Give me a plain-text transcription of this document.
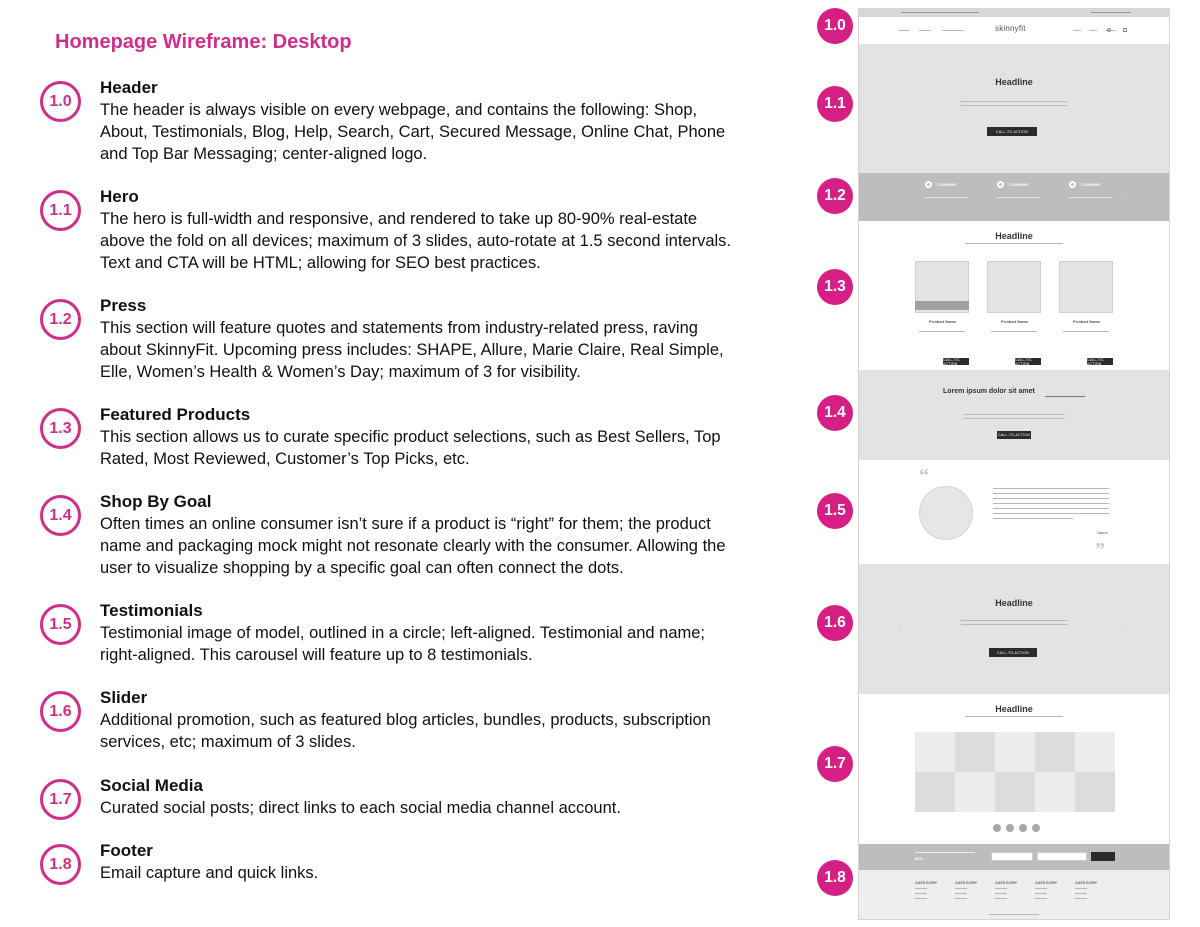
Homepage Wireframe: Desktop
1.0
Header

The header is always visible on every webpage, and contains the following: Shop,

About, Testimonials, Blog, Help, Search, Cart, Secured Message, Online Chat, Phone

and Top Bar Messaging; center-aligned logo.

1.1
Hero

The hero is full-width and responsive, and rendered to take up 80-90% real-estate

above the fold on all devices; maximum of 3 slides, auto-rotate at 1.5 second intervals.

Text and CTA will be HTML; allowing for SEO best practices.

1.2
Press

This section will feature quotes and statements from industry-related press, raving

about SkinnyFit. Upcoming press includes: SHAPE, Allure, Marie Claire, Real Simple,

Elle, Women’s Health & Women’s Day; maximum of 3 for visibility.

1.3
Featured Products

This section allows us to curate specific product selections, such as Best Sellers, Top

Rated, Most Reviewed, Customer’s Top Picks, etc.

1.4
Shop By Goal

Often times an online consumer isn’t sure if a product is “right” for them; the product

name and packaging mock might not resonate clearly with the consumer. Allowing the

user to visualize shopping by a specific goal can often connect the dots.

1.5
Testimonials

Testimonial image of model, outlined in a circle; left-aligned. Testimonial and name;

right-aligned. This carousel will feature up to 8 testimonials.

1.6
Slider

Additional promotion, such as featured blog articles, bundles, products, subscription

services, etc; maximum of 3 slides.

1.7
Social Media

Curated social posts; direct links to each social media channel account.

1.8
Footer

Email capture and quick links.

1.0
1.1
1.2
1.3
1.4
1.5
1.6
1.7
1.8
skinnyfit
Headline
CALL-TO-ACTION
‹	›
COMPANY	COMPANY	COMPANY
Headline
Product Name	Product Name	Product Name
CALL-TO-ACTION
CALL-TO-ACTION
CALL-TO-ACTION
Lorem ipsum dolor sit amet
CALL-TO-ACTION
“
Name
”
‹	›
Headline
CALL-TO-ACTION
Headline
80%
CATEGORY	CATEGORY	CATEGORY	CATEGORY	CATEGORY
